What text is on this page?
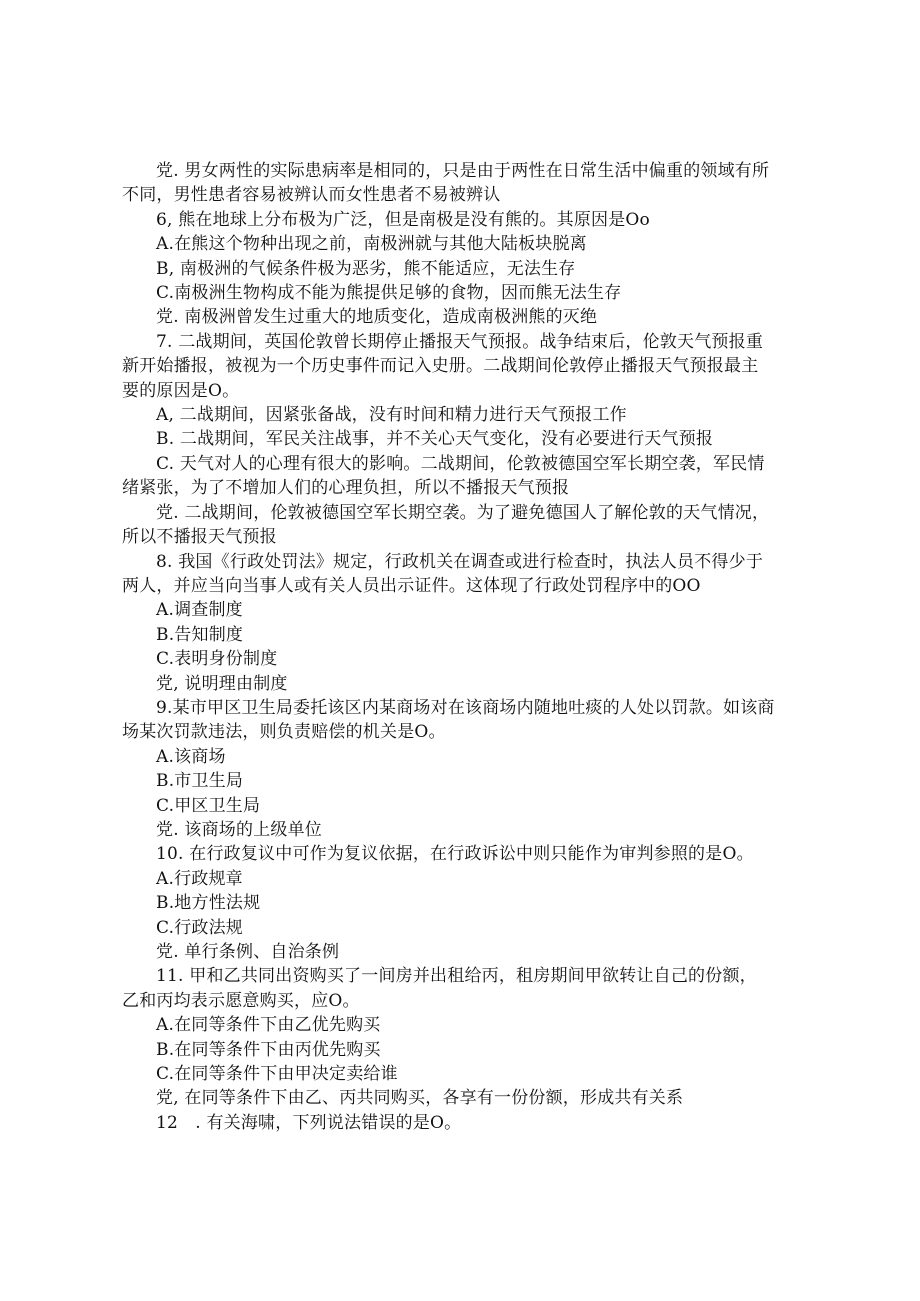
党. 男女两性的实际患病率是相同的，只是由于两性在日常生活中偏重的领域有所
不同，男性患者容易被辨认而女性患者不易被辨认
6, 熊在地球上分布极为广泛，但是南极是没有熊的。其原因是Oo
A.在熊这个物种出现之前，南极洲就与其他大陆板块脱离
B, 南极洲的气候条件极为恶劣，熊不能适应，无法生存
C.南极洲生物构成不能为熊提供足够的食物，因而熊无法生存
党. 南极洲曾发生过重大的地质变化，造成南极洲熊的灭绝
7. 二战期间，英国伦敦曾长期停止播报天气预报。战争结束后，伦敦天气预报重
新开始播报，被视为一个历史事件而记入史册。二战期间伦敦停止播报天气预报最主
要的原因是O。
A, 二战期间，因紧张备战，没有时间和精力进行天气预报工作
B. 二战期间，军民关注战事，并不关心天气变化，没有必要进行天气预报
C. 天气对人的心理有很大的影响。二战期间，伦敦被德国空军长期空袭，军民情
绪紧张，为了不增加人们的心理负担，所以不播报天气预报
党. 二战期间，伦敦被德国空军长期空袭。为了避免德国人了解伦敦的天气情况，
所以不播报天气预报
8. 我国《行政处罚法》规定，行政机关在调查或进行检查时，执法人员不得少于
两人，并应当向当事人或有关人员出示证件。这体现了行政处罚程序中的OO
A.调查制度
B.告知制度
C.表明身份制度
党, 说明理由制度
9.某市甲区卫生局委托该区内某商场对在该商场内随地吐痰的人处以罚款。如该商
场某次罚款违法，则负责赔偿的机关是O。
A.该商场
B.市卫生局
C.甲区卫生局
党. 该商场的上级单位
10. 在行政复议中可作为复议依据，在行政诉讼中则只能作为审判参照的是O。
A.行政规章
B.地方性法规
C.行政法规
党. 单行条例、自治条例
11. 甲和乙共同出资购买了一间房并出租给丙，租房期间甲欲转让自己的份额，
乙和丙均表示愿意购买，应O。
A.在同等条件下由乙优先购买
B.在同等条件下由丙优先购买
C.在同等条件下由甲决定卖给谁
党, 在同等条件下由乙、丙共同购买，各享有一份份额，形成共有关系
12　. 有关海啸，下列说法错误的是O。
